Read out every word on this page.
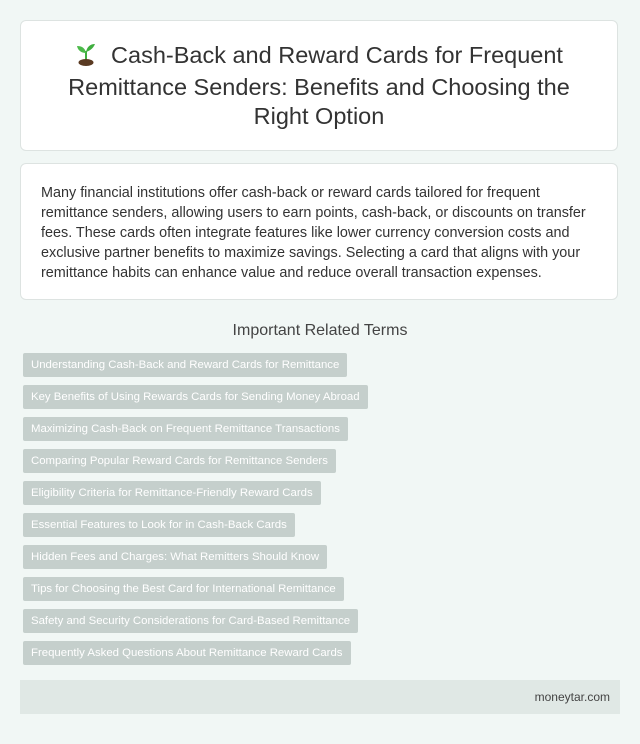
Cash-Back and Reward Cards for Frequent Remittance Senders: Benefits and Choosing the Right Option

Many financial institutions offer cash-back or reward cards tailored for frequent remittance senders, allowing users to earn points, cash-back, or discounts on transfer fees. These cards often integrate features like lower currency conversion costs and exclusive partner benefits to maximize savings. Selecting a card that aligns with your remittance habits can enhance value and reduce overall transaction expenses.

Important Related Terms
Understanding Cash-Back and Reward Cards for Remittance
Key Benefits of Using Rewards Cards for Sending Money Abroad
Maximizing Cash-Back on Frequent Remittance Transactions
Comparing Popular Reward Cards for Remittance Senders
Eligibility Criteria for Remittance-Friendly Reward Cards
Essential Features to Look for in Cash-Back Cards
Hidden Fees and Charges: What Remitters Should Know
Tips for Choosing the Best Card for International Remittance
Safety and Security Considerations for Card-Based Remittance
Frequently Asked Questions About Remittance Reward Cards
moneytar.com
